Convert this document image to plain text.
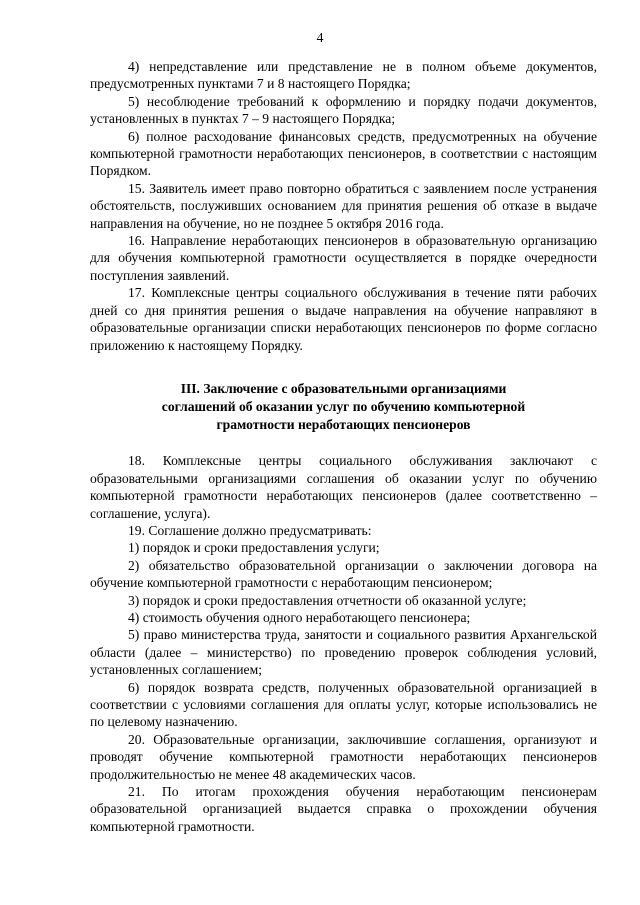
4

4) непредставление или представление не в полном объеме документов, предусмотренных пунктами 7 и 8 настоящего Порядка;

5) несоблюдение требований к оформлению и порядку подачи документов, установленных в пунктах 7 – 9 настоящего Порядка;

6) полное расходование финансовых средств, предусмотренных на обучение компьютерной грамотности неработающих пенсионеров, в соответствии с настоящим Порядком.

15. Заявитель имеет право повторно обратиться с заявлением после устранения обстоятельств, послуживших основанием для принятия решения об отказе в выдаче направления на обучение, но не позднее 5 октября 2016 года.

16. Направление неработающих пенсионеров в образовательную организацию для обучения компьютерной грамотности осуществляется в порядке очередности поступления заявлений.

17. Комплексные центры социального обслуживания в течение пяти рабочих дней со дня принятия решения о выдаче направления на обучение направляют в образовательные организации списки неработающих пенсионеров по форме согласно приложению к настоящему Порядку.

III. Заключение с образовательными организациями
соглашений об оказании услуг по обучению компьютерной
грамотности неработающих пенсионеров

18. Комплексные центры социального обслуживания заключают с образовательными организациями соглашения об оказании услуг по обучению компьютерной грамотности неработающих пенсионеров (далее соответственно – соглашение, услуга).

19. Соглашение должно предусматривать:

1) порядок и сроки предоставления услуги;

2) обязательство образовательной организации о заключении договора на обучение компьютерной грамотности с неработающим пенсионером;

3) порядок и сроки предоставления отчетности об оказанной услуге;

4) стоимость обучения одного неработающего пенсионера;

5) право министерства труда, занятости и социального развития Архангельской области (далее – министерство) по проведению проверок соблюдения условий, установленных соглашением;

6) порядок возврата средств, полученных образовательной организацией в соответствии с условиями соглашения для оплаты услуг, которые использовались не по целевому назначению.

20. Образовательные организации, заключившие соглашения, организуют и проводят обучение компьютерной грамотности неработающих пенсионеров продолжительностью не менее 48 академических часов.

21. По итогам прохождения обучения неработающим пенсионерам образовательной организацией выдается справка о прохождении обучения компьютерной грамотности.
